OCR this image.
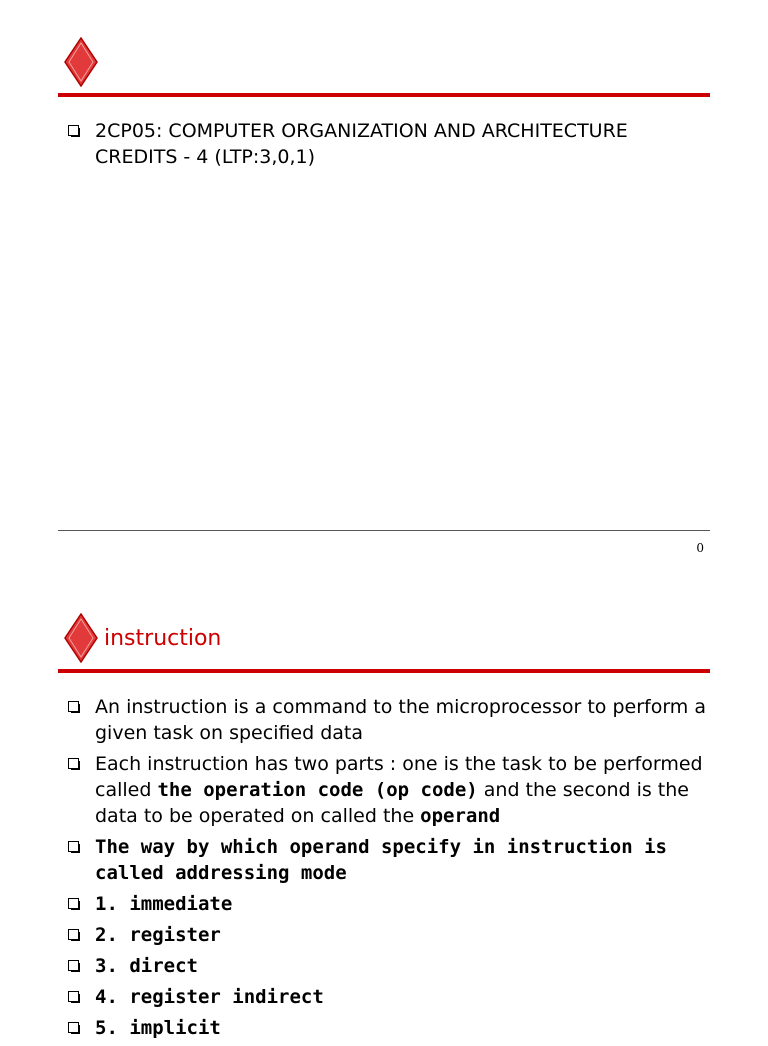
2CP05: COMPUTER ORGANIZATION AND ARCHITECTURE
CREDITS - 4 (LTP:3,0,1)
0
instruction
An instruction is a command to the microprocessor to perform a given task on specified data
Each instruction has two parts : one is the task to be performed called the operation code (op code) and the second is the data to be operated on called the operand
The way by which operand specify in instruction is called addressing mode
1. immediate
2. register
3. direct
4. register indirect
5. implicit
